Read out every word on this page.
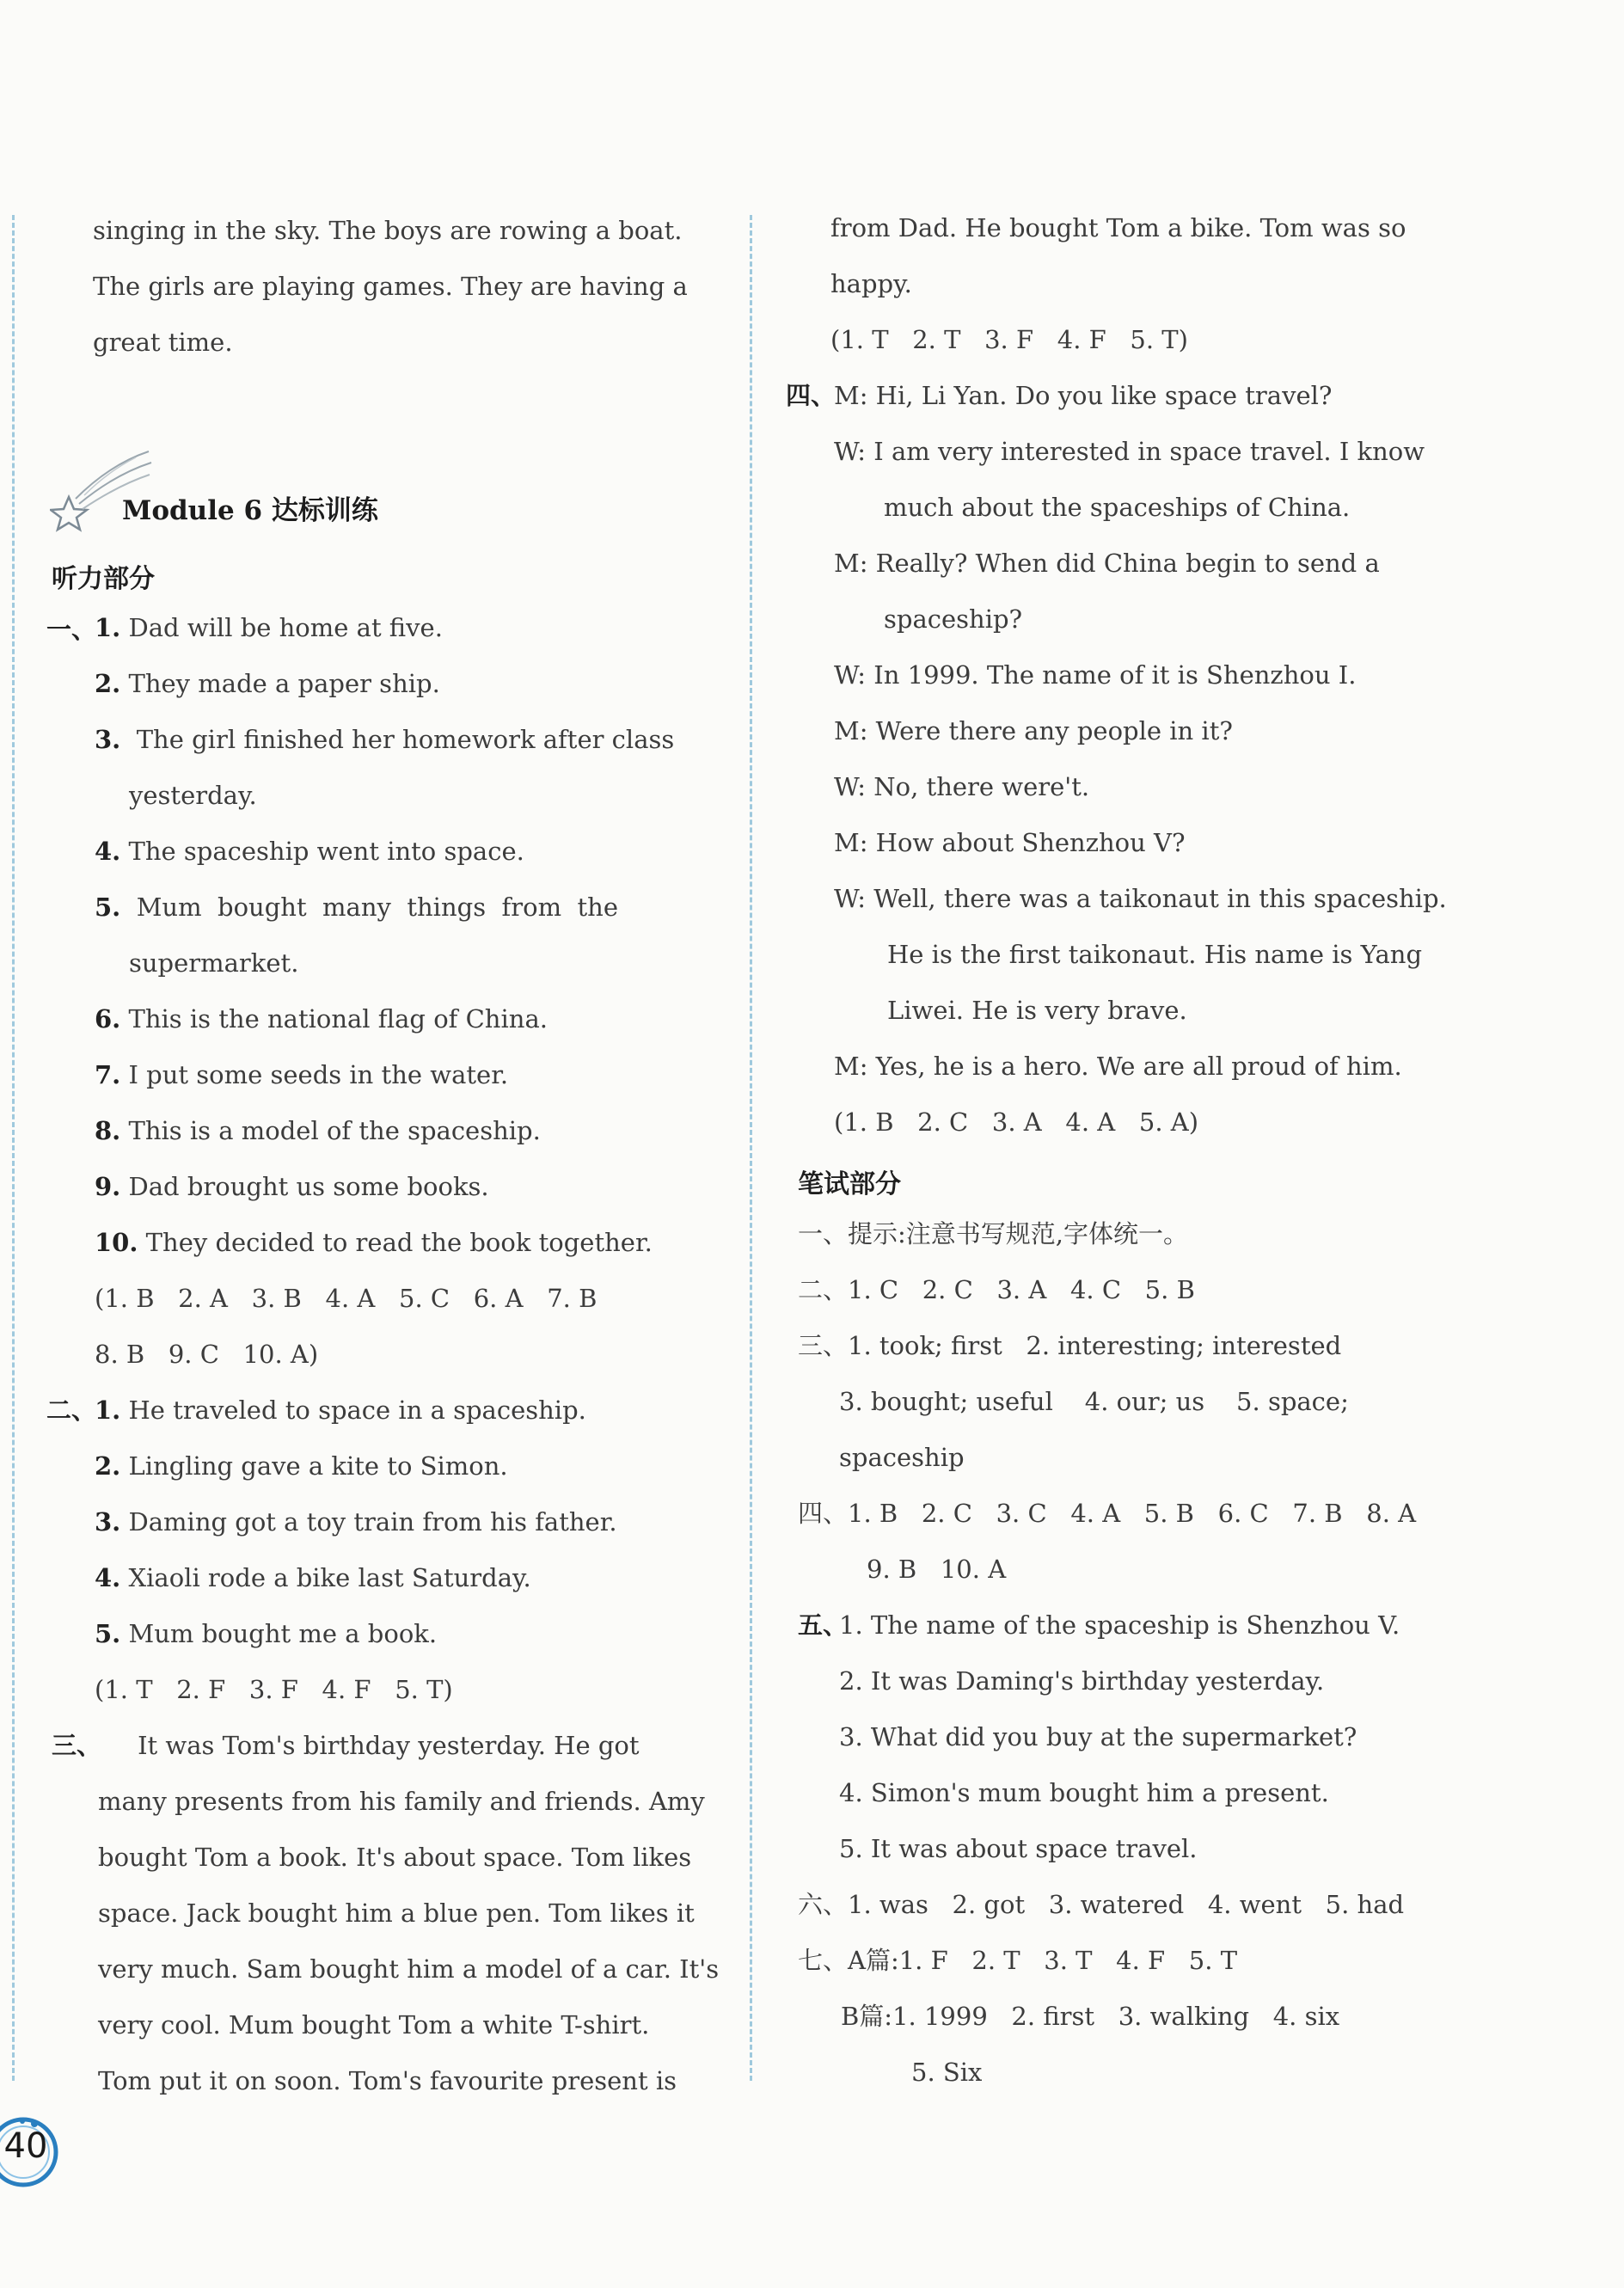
singing in the sky. The boys are rowing a boat.
The girls are playing games. They are having a
great time.
Module 6 达标训练
听力部分
一、
1. Dad will be home at five.
2. They made a paper ship.
3.  The girl finished her homework after class
yesterday.
4. The spaceship went into space.
5.  Mum  bought  many  things  from  the
supermarket.
6. This is the national flag of China.
7. I put some seeds in the water.
8. This is a model of the spaceship.
9. Dad brought us some books.
10. They decided to read the book together.
(1. B   2. A   3. B   4. A   5. C   6. A   7. B
8. B   9. C   10. A)
二、
1. He traveled to space in a spaceship.
2. Lingling gave a kite to Simon.
3. Daming got a toy train from his father.
4. Xiaoli rode a bike last Saturday.
5. Mum bought me a book.
(1. T   2. F   3. F   4. F   5. T)
三、
It was Tom's birthday yesterday. He got
many presents from his family and friends. Amy
bought Tom a book. It's about space. Tom likes
space. Jack bought him a blue pen. Tom likes it
very much. Sam bought him a model of a car. It's
very cool. Mum bought Tom a white T-shirt.
Tom put it on soon. Tom's favourite present is
from Dad. He bought Tom a bike. Tom was so
happy.
(1. T   2. T   3. F   4. F   5. T)
四、
M: Hi, Li Yan. Do you like space travel?
W: I am very interested in space travel. I know
much about the spaceships of China.
M: Really? When did China begin to send a
spaceship?
W: In 1999. The name of it is Shenzhou I.
M: Were there any people in it?
W: No, there were't.
M: How about Shenzhou V?
W: Well, there was a taikonaut in this spaceship.
He is the first taikonaut. His name is Yang
Liwei. He is very brave.
M: Yes, he is a hero. We are all proud of him.
(1. B   2. C   3. A   4. A   5. A)
笔试部分
一、提示:注意书写规范,字体统一。
二、1. C   2. C   3. A   4. C   5. B
三、1. took; first   2. interesting; interested
3. bought; useful    4. our; us    5. space;
spaceship
四、1. B   2. C   3. C   4. A   5. B   6. C   7. B   8. A
9. B   10. A
五、
1. The name of the spaceship is Shenzhou V.
2. It was Daming's birthday yesterday.
3. What did you buy at the supermarket?
4. Simon's mum bought him a present.
5. It was about space travel.
六、1. was   2. got   3. watered   4. went   5. had
七、A篇:1. F   2. T   3. T   4. F   5. T
B篇:1. 1999   2. first   3. walking   4. six
5. Six
40
